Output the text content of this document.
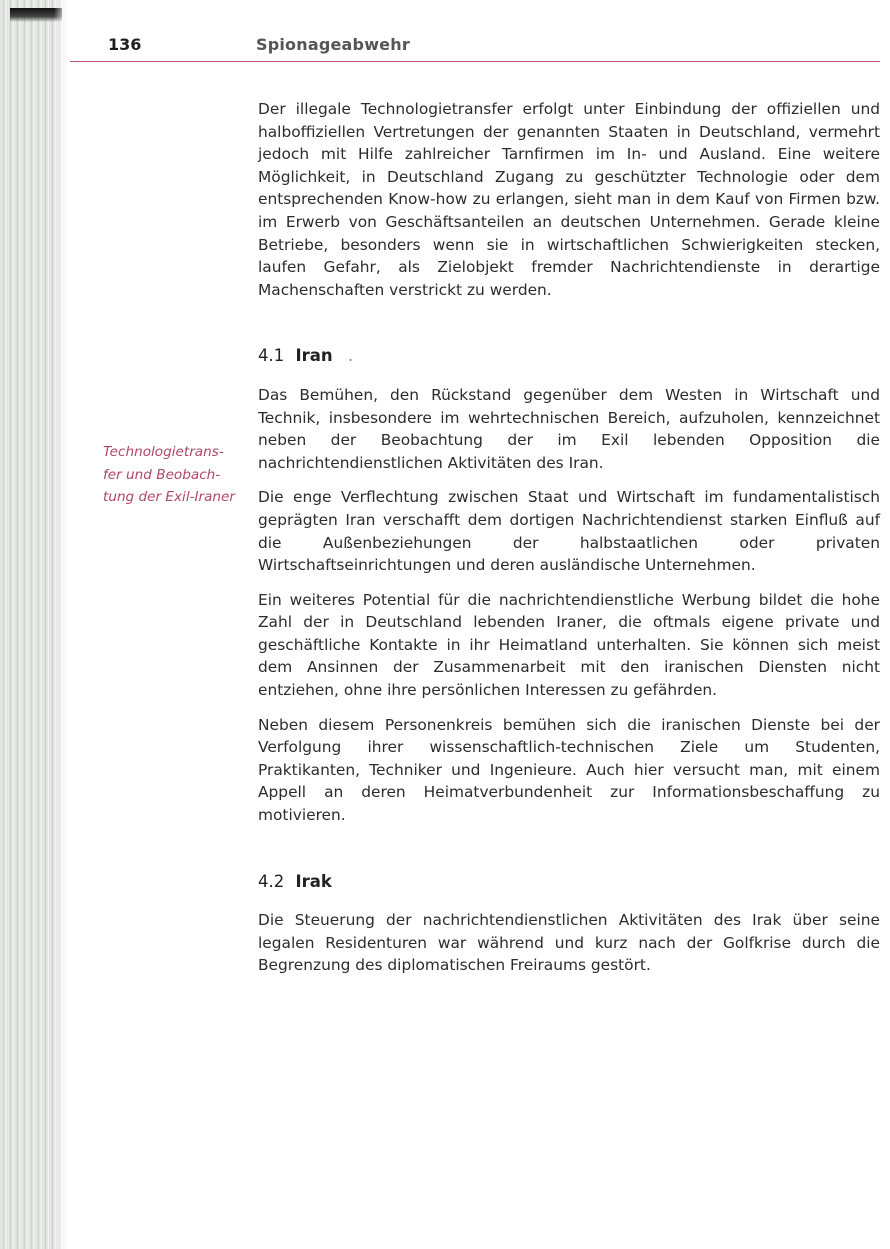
136	Spionageabwehr
Technologietrans-
fer und Beobach-
tung der Exil-Iraner

Der illegale Technologietransfer erfolgt unter Einbindung der offiziellen und halboffiziellen Vertretungen der genannten Staaten in Deutschland, vermehrt jedoch mit Hilfe zahlreicher Tarnfirmen im In- und Ausland. Eine weitere Möglichkeit, in Deutschland Zugang zu geschützter Technologie oder dem entsprechenden Know-how zu erlangen, sieht man in dem Kauf von Firmen bzw. im Erwerb von Geschäftsanteilen an deutschen Unternehmen. Gerade kleine Betriebe, besonders wenn sie in wirtschaftlichen Schwierigkeiten stecken, laufen Gefahr, als Zielobjekt fremder Nachrichtendienste in derartige Machenschaften verstrickt zu werden.

4.1 Iran .

Das Bemühen, den Rückstand gegenüber dem Westen in Wirtschaft und Technik, insbesondere im wehrtechnischen Bereich, aufzuholen, kennzeichnet neben der Beobachtung der im Exil lebenden Opposition die nachrichtendienstlichen Aktivitäten des Iran.

Die enge Verflechtung zwischen Staat und Wirtschaft im fundamentalistisch geprägten Iran verschafft dem dortigen Nachrichtendienst starken Einfluß auf die Außenbeziehungen der halbstaatlichen oder privaten Wirtschaftseinrichtungen und deren ausländische Unternehmen.

Ein weiteres Potential für die nachrichtendienstliche Werbung bildet die hohe Zahl der in Deutschland lebenden Iraner, die oftmals eigene private und geschäftliche Kontakte in ihr Heimatland unterhalten. Sie können sich meist dem Ansinnen der Zusammenarbeit mit den iranischen Diensten nicht entziehen, ohne ihre persönlichen Interessen zu gefährden.

Neben diesem Personenkreis bemühen sich die iranischen Dienste bei der Verfolgung ihrer wissenschaftlich-technischen Ziele um Studenten, Praktikanten, Techniker und Ingenieure. Auch hier versucht man, mit einem Appell an deren Heimatverbundenheit zur Informationsbeschaffung zu motivieren.

4.2 Irak

Die Steuerung der nachrichtendienstlichen Aktivitäten des Irak über seine legalen Residenturen war während und kurz nach der Golfkrise durch die Begrenzung des diplomatischen Freiraums gestört.
